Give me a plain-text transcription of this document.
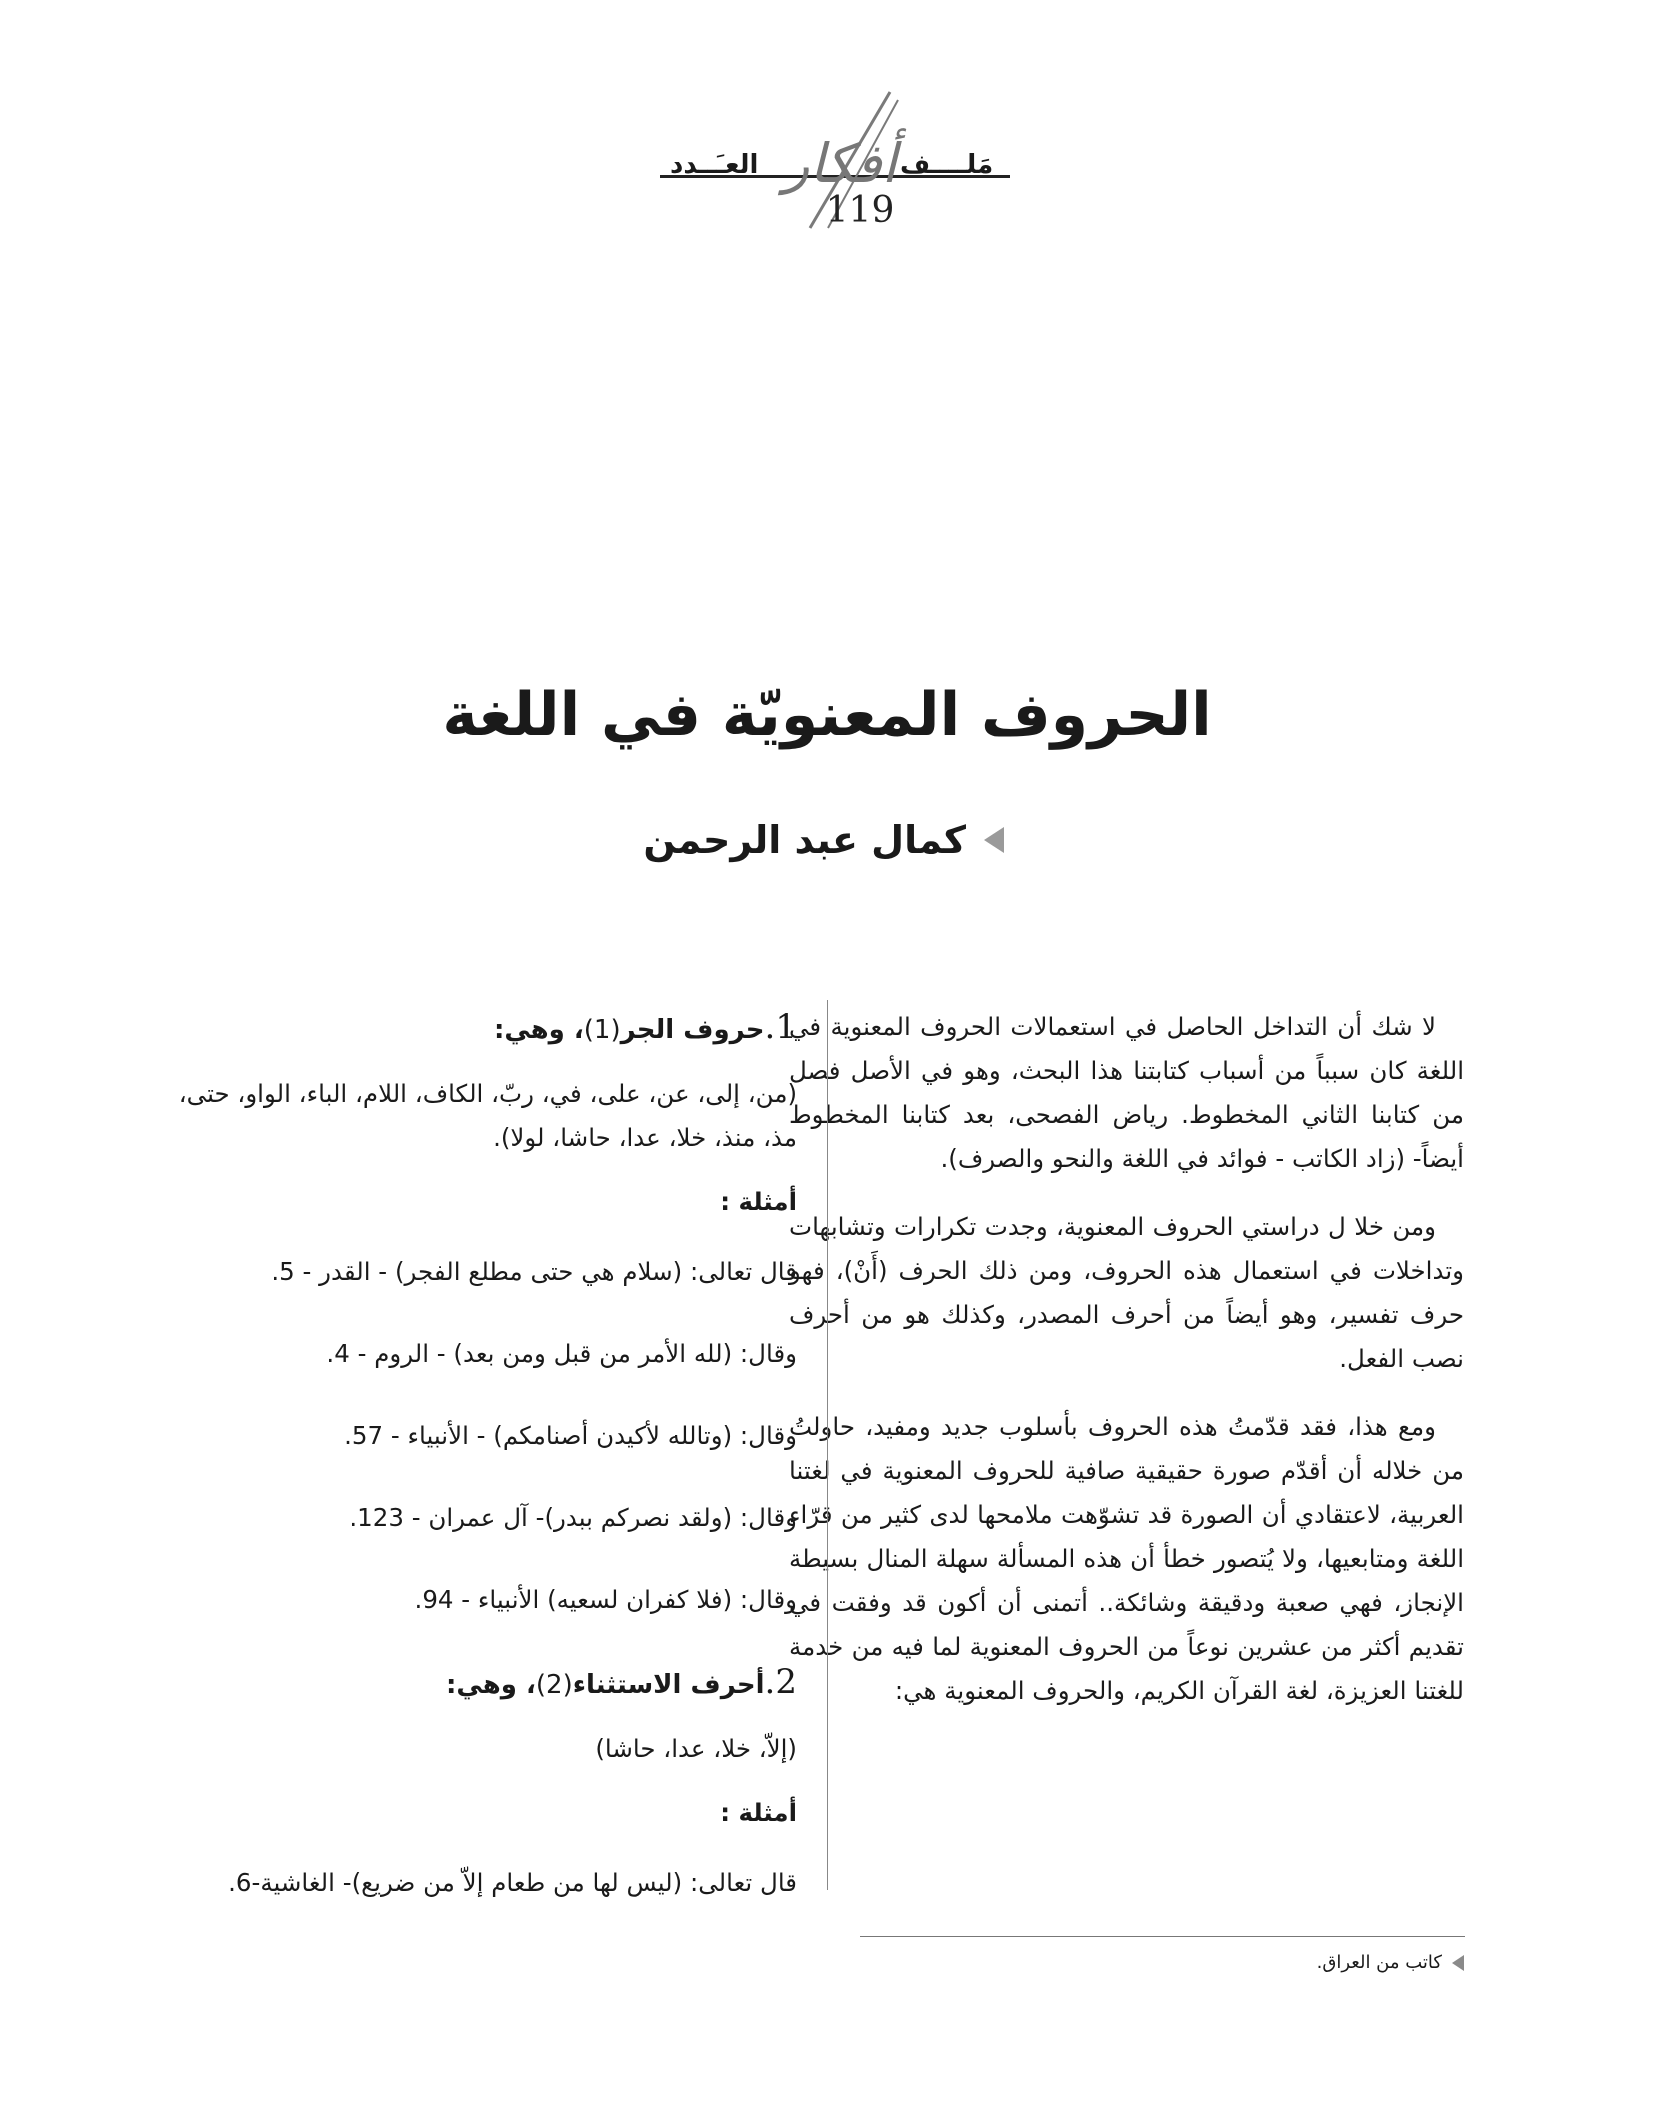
مَلــــف
العـَــدد أفكار
119
الحروف المعنويّة في اللغة
كمال عبد الرحمن

لا شك أن التداخل الحاصل في استعمالات الحروف المعنوية في اللغة كان سبباً من أسباب كتابتنا هذا البحث، وهو في الأصل فصل من كتابنا الثاني المخطوط. رياض الفصحى، بعد كتابنا المخطوط أيضاً- (زاد الكاتب - فوائد في اللغة والنحو والصرف).

ومن خلا ل دراستي الحروف المعنوية، وجدت تكرارات وتشابهات وتداخلات في استعمال هذه الحروف، ومن ذلك الحرف (أَنْ)، فهو حرف تفسير، وهو أيضاً من أحرف المصدر، وكذلك هو من أحرف نصب الفعل.

ومع هذا، فقد قدّمتُ هذه الحروف بأسلوب جديد ومفيد، حاولتُ من خلاله أن أقدّم صورة حقيقية صافية للحروف المعنوية في لغتنا العربية، لاعتقادي أن الصورة قد تشوّهت ملامحها لدى كثير من قرّاء اللغة ومتابعيها، ولا يُتصور خطأ أن هذه المسألة سهلة المنال بسيطة الإنجاز، فهي صعبة ودقيقة وشائكة.. أتمنى أن أكون قد وفقت في تقديم أكثر من عشرين نوعاً من الحروف المعنوية لما فيه من خدمة للغتنا العزيزة، لغة القرآن الكريم، والحروف المعنوية هي:

1.حروف الجر(1)، وهي:

(من، إلى، عن، على، في، ربّ، الكاف، اللام، الباء، الواو، حتى، مذ، منذ، خلا، عدا، حاشا، لولا).

أمثلة :

قال تعالى: (سلام هي حتى مطلع الفجر) - القدر - 5.

وقال: (لله الأمر من قبل ومن بعد) - الروم - 4.

وقال: (وتالله لأكيدن أصنامكم) - الأنبياء - 57.

وقال: (ولقد نصركم ببدر)- آل عمران - 123.

وقال: (فلا كفران لسعيه) الأنبياء - 94.

2.أحرف الاستثناء(2)، وهي:

(إلاّ، خلا، عدا، حاشا)

أمثلة :

قال تعالى: (ليس لها من طعام إلاّ من ضريع)- الغاشية-6.

كاتب من العراق.
